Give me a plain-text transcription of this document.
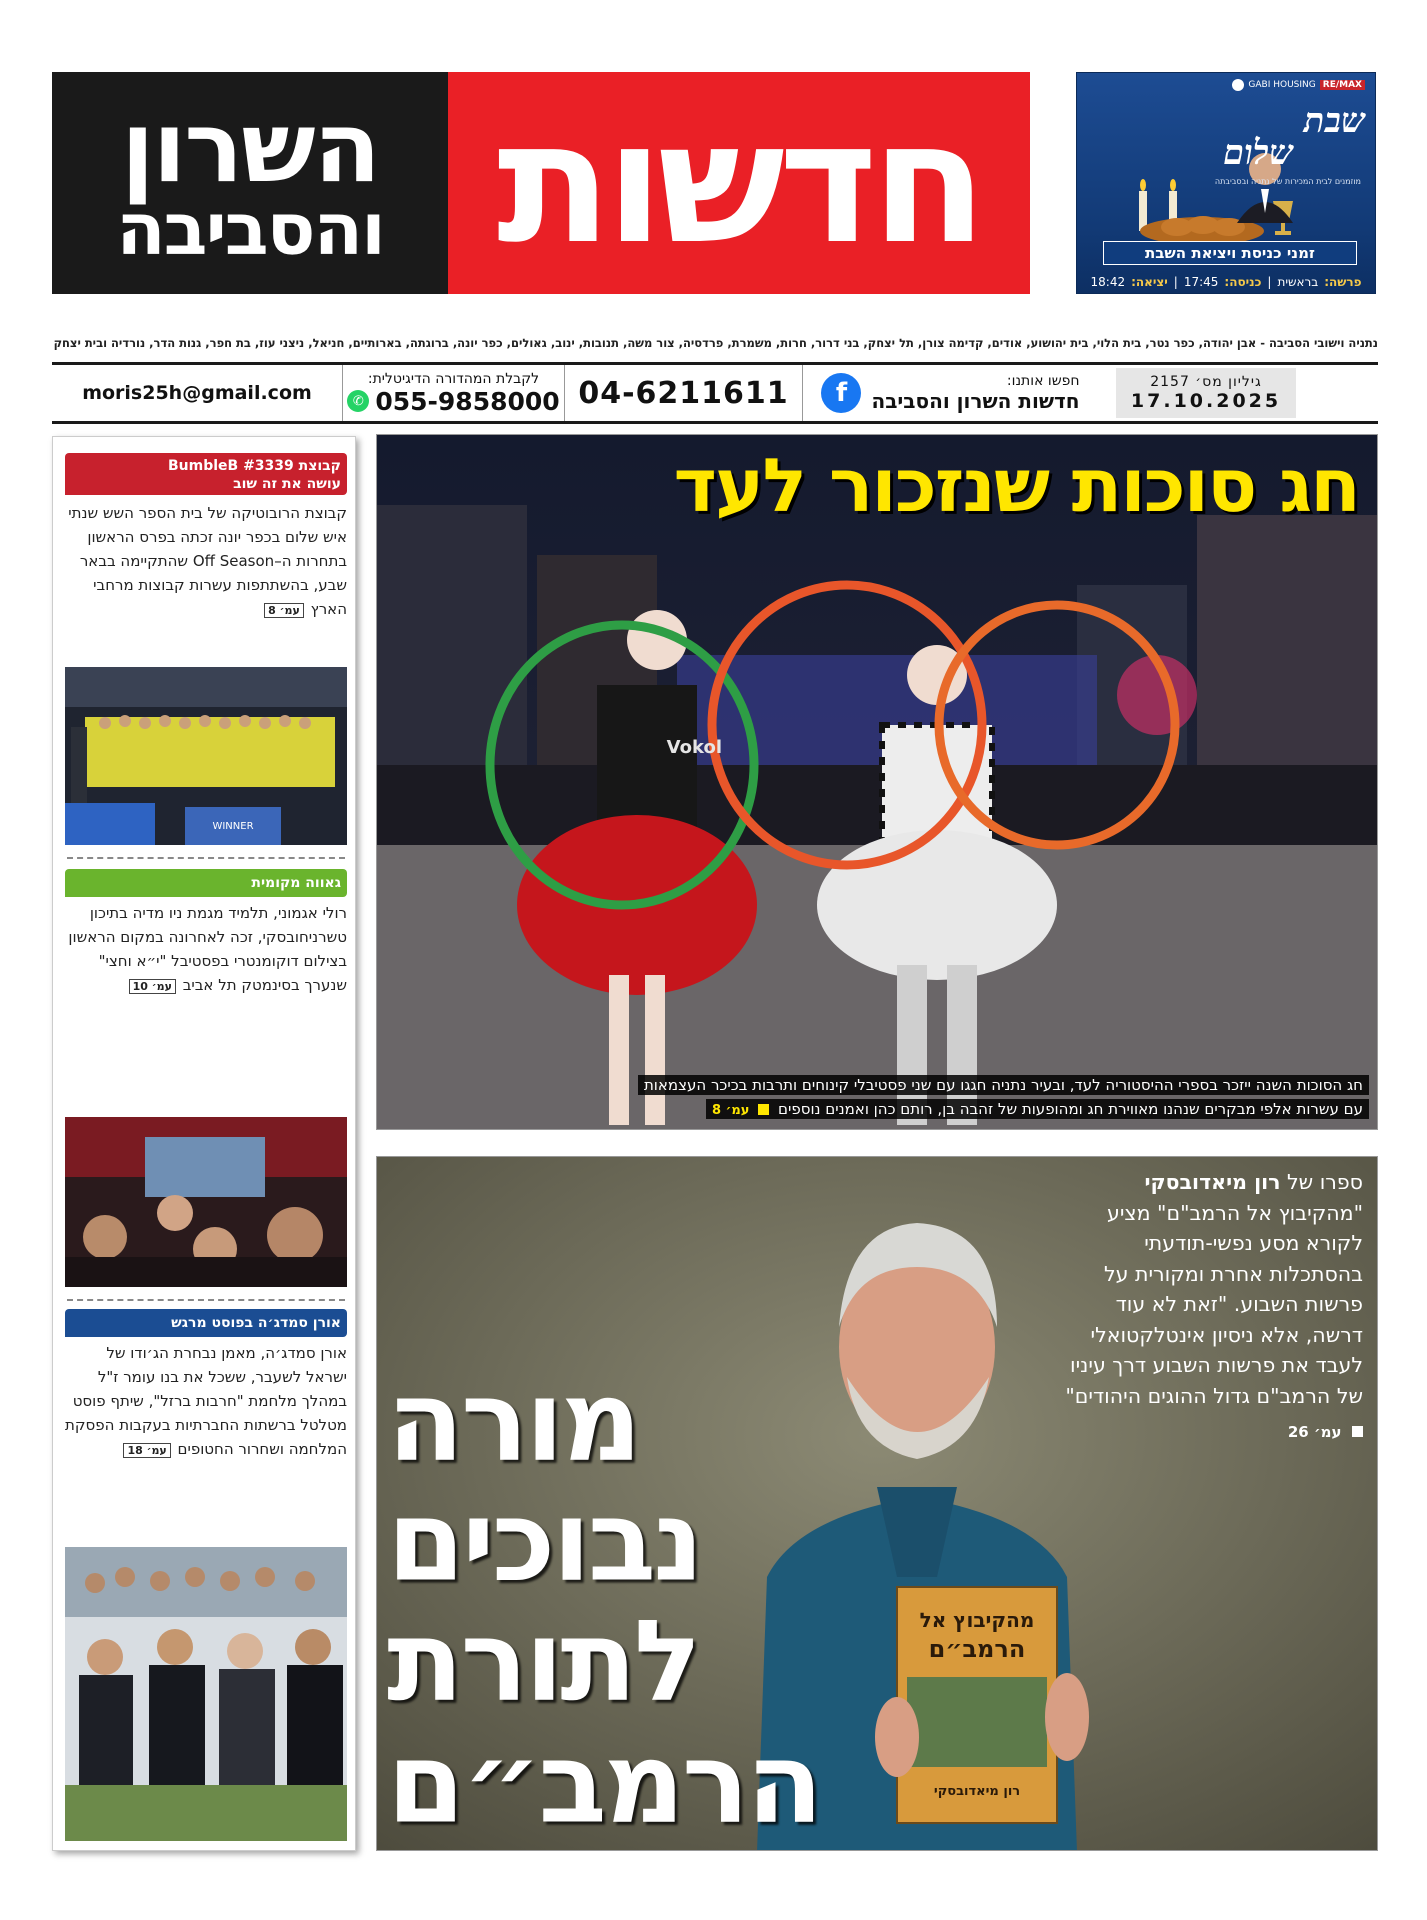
השרון
והסביבה חדשות	GABI HOUSING RE/MAX
שבת
שלום
מוזמנים לבית המכירות של נתניה ובסביבתה
זמני כניסת ויציאת השבת
פרשה:
בראשית
|
כניסה:
17:45
|
יציאה:
18:42
נתניה וישובי הסביבה - אבן יהודה, כפר נטר, בית הלוי, בית יהושוע, אודים, קדימה צורן, תל יצחק, בני דרור, חרות, משמרת, פרדסיה, צור משה, תנובות, ינוב, גאולים, כפר יונה, ברוגתה, בארותיים, חניאל, ניצני עוז, בת חפר, גנות הדר, נורדיה ובית יצחק
moris25h@gmail.com
לקבלת המהדורה הדיגיטלית:
✆ 055-9858000 04-6211611	חפשו אותנו:
חדשות השרון והסביבה
f	גיליון מס׳ 2157
17.10.2025
קבוצת BumbleB #3339
עושה את זה שוב
קבוצת הרובוטיקה של בית הספר השש שנתי איש שלום בכפר יונה זכתה בפרס הראשון בתחרות ה–Off Season שהתקיימה בבאר שבע, בהשתתפות עשרות קבוצות מרחבי הארץ עמ׳ 8
WINNER
גאווה מקומית
רולי אגמוני, תלמיד מגמת ניו מדיה בתיכון טשרניחובסקי, זכה לאחרונה במקום הראשון בצילום דוקומנטרי בפסטיבל "י״א וחצי" שנערך בסינמטק תל אביב עמ׳ 10
אורן סמדג׳ה בפוסט מרגש
אורן סמדג׳ה, מאמן נבחרת הג׳ודו של ישראל לשעבר, ששכל את בנו עומר ז"ל במהלך מלחמת "חרבות ברזל", שיתף פוסט מטלטל ברשתות החברתיות בעקבות הפסקת המלחמה ושחרור החטופים עמ׳ 18
Vokol
חג סוכות שנזכור לעד
חג הסוכות השנה ייזכר בספרי ההיסטוריה לעד, ובעיר נתניה חגגו עם שני פסטיבלי קינוחים ותרבות בכיכר העצמאות
עם עשרות אלפי מבקרים שנהנו מאווירת חג ומהופעות של זהבה בן, רותם כהן ואמנים נוספים  עמ׳ 8
מהקיבוץ אל
הרמב״ם
רון מיאדובסקי
מורה
נבוכים
לתורת
הרמב״ם
ספרו של רון מיאדובסקי "מהקיבוץ אל הרמב"ם" מציע לקורא מסע נפשי-תודעתי בהסתכלות אחרת ומקורית על פרשות השבוע. "זאת לא עוד דרשה, אלא ניסיון אינטלקטואלי לעבד את פרשות השבוע דרך עיניו של הרמב"ם גדול ההוגים היהודים"
עמ׳ 26
